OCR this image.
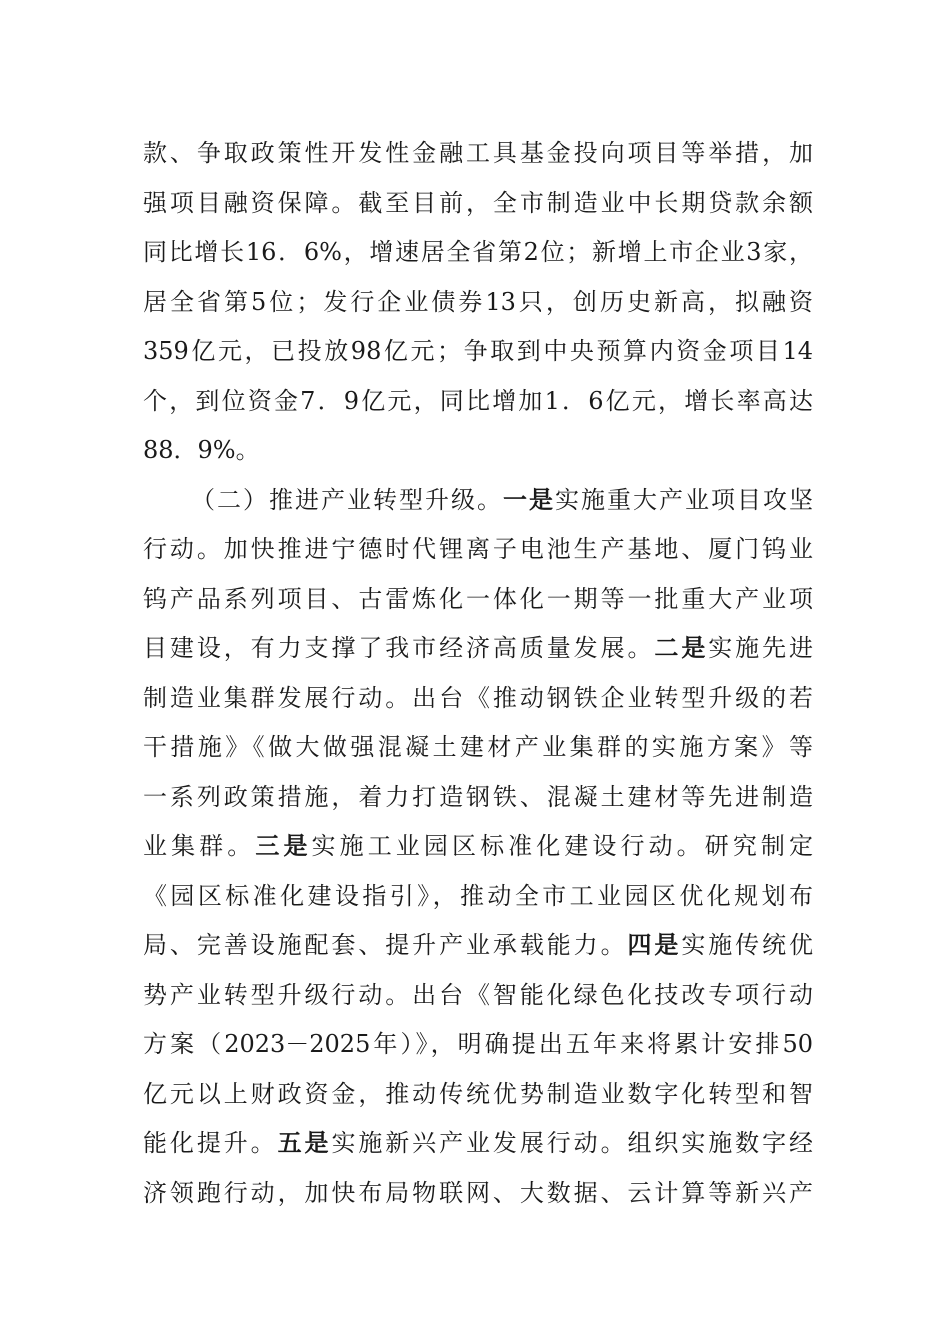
款、争取政策性开发性金融工具基金投向项目等举措，加
强项目融资保障。截至目前，全市制造业中长期贷款余额
同比增长16．6%，增速居全省第2位；新增上市企业3家，
居全省第5位；发行企业债券13只，创历史新高，拟融资
359亿元，已投放98亿元；争取到中央预算内资金项目14
个，到位资金7．9亿元，同比增加1．6亿元，增长率高达
88．9%。
（二）推进产业转型升级。一是实施重大产业项目攻坚
行动。加快推进宁德时代锂离子电池生产基地、厦门钨业
钨产品系列项目、古雷炼化一体化一期等一批重大产业项
目建设，有力支撑了我市经济高质量发展。二是实施先进
制造业集群发展行动。出台《推动钢铁企业转型升级的若
干措施》《做大做强混凝土建材产业集群的实施方案》等
一系列政策措施，着力打造钢铁、混凝土建材等先进制造
业集群。三是实施工业园区标准化建设行动。研究制定
《园区标准化建设指引》，推动全市工业园区优化规划布
局、完善设施配套、提升产业承载能力。四是实施传统优
势产业转型升级行动。出台《智能化绿色化技改专项行动
方案（2023－2025年）》，明确提出五年来将累计安排50
亿元以上财政资金，推动传统优势制造业数字化转型和智
能化提升。五是实施新兴产业发展行动。组织实施数字经
济领跑行动，加快布局物联网、大数据、云计算等新兴产
